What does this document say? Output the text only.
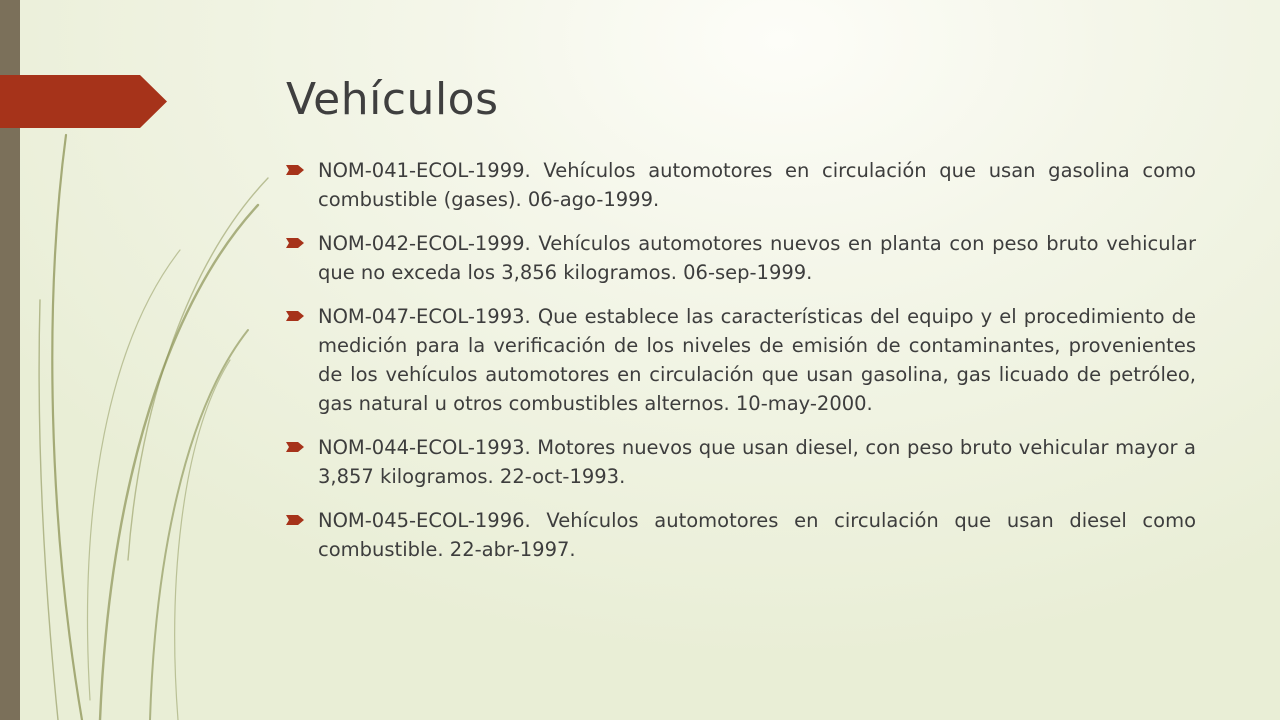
Vehículos
NOM-041-ECOL-1999. Vehículos automotores en circulación que usan gasolina como combustible (gases). 06-ago-1999.
NOM-042-ECOL-1999. Vehículos automotores nuevos en planta con peso bruto vehicular que no exceda los 3,856 kilogramos. 06-sep-1999.
NOM-047-ECOL-1993. Que establece las características del equipo y el procedimiento de medición para la verificación de los niveles de emisión de contaminantes, provenientes de los vehículos automotores en circulación que usan gasolina, gas licuado de petróleo, gas natural u otros combustibles alternos. 10-may-2000.
NOM-044-ECOL-1993. Motores nuevos que usan diesel, con peso bruto vehicular mayor a 3,857 kilogramos. 22-oct-1993.
NOM-045-ECOL-1996. Vehículos automotores en circulación que usan diesel como combustible. 22-abr-1997.
